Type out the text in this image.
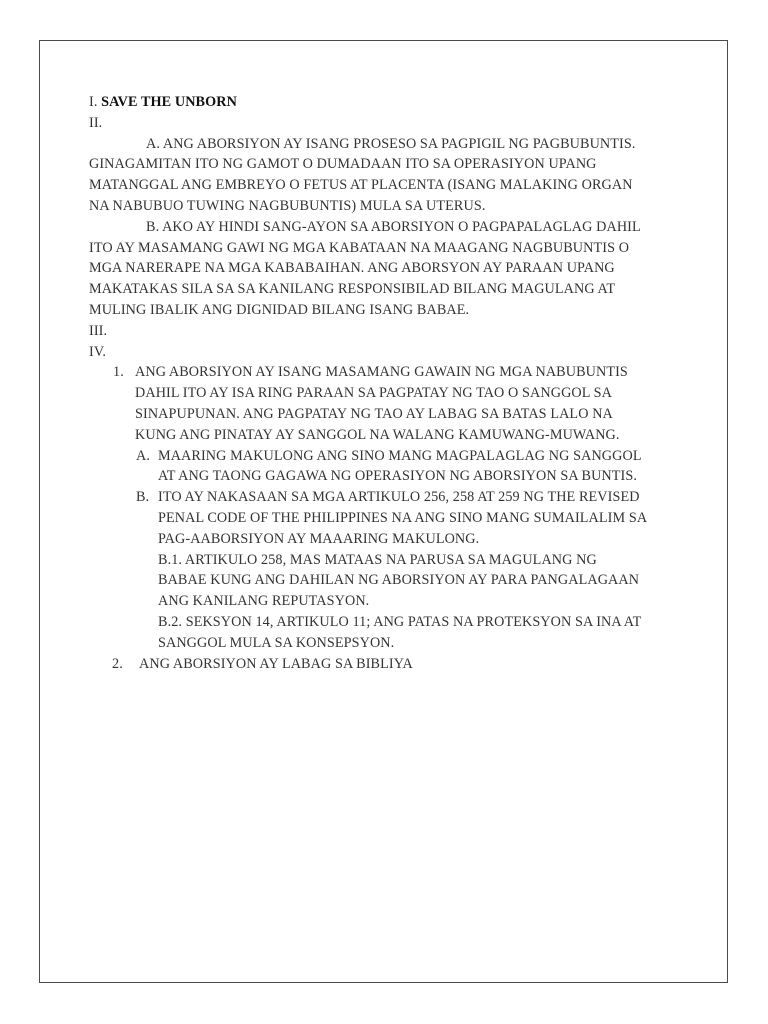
I. SAVE THE UNBORN

II.

A. ANG ABORSIYON AY ISANG PROSESO SA PAGPIGIL NG PAGBUBUNTIS.

GINAGAMITAN ITO NG GAMOT O DUMADAAN ITO SA OPERASIYON UPANG

MATANGGAL ANG EMBREYO O FETUS AT PLACENTA (ISANG MALAKING ORGAN

NA NABUBUO TUWING NAGBUBUNTIS) MULA SA UTERUS.

B. AKO AY HINDI SANG-AYON SA ABORSIYON O PAGPAPALAGLAG DAHIL

ITO AY MASAMANG GAWI NG MGA KABATAAN NA MAAGANG NAGBUBUNTIS O

MGA NARERAPE NA MGA KABABAIHAN. ANG ABORSYON AY PARAAN UPANG

MAKATAKAS SILA SA SA KANILANG RESPONSIBILAD BILANG MAGULANG AT

MULING IBALIK ANG DIGNIDAD BILANG ISANG BABAE.

III.

IV.

1. ANG ABORSIYON AY ISANG MASAMANG GAWAIN NG MGA NABUBUNTIS

DAHIL ITO AY ISA RING PARAAN SA PAGPATAY NG TAO O SANGGOL SA

SINAPUPUNAN. ANG PAGPATAY NG TAO AY LABAG SA BATAS LALO NA

KUNG ANG PINATAY AY SANGGOL NA WALANG KAMUWANG-MUWANG.

A. MAARING MAKULONG ANG SINO MANG MAGPALAGLAG NG SANGGOL

AT ANG TAONG GAGAWA NG OPERASIYON NG ABORSIYON SA BUNTIS.

B. ITO AY NAKASAAN SA MGA ARTIKULO 256, 258 AT 259 NG THE REVISED

PENAL CODE OF THE PHILIPPINES NA ANG SINO MANG SUMAILALIM SA

PAG-AABORSIYON AY MAAARING MAKULONG.

B.1. ARTIKULO 258, MAS MATAAS NA PARUSA SA MAGULANG NG

BABAE KUNG ANG DAHILAN NG ABORSIYON AY PARA PANGALAGAAN

ANG KANILANG REPUTASYON.

B.2. SEKSYON 14, ARTIKULO 11; ANG PATAS NA PROTEKSYON SA INA AT

SANGGOL MULA SA KONSEPSYON.

2. ANG ABORSIYON AY LABAG SA BIBLIYA
